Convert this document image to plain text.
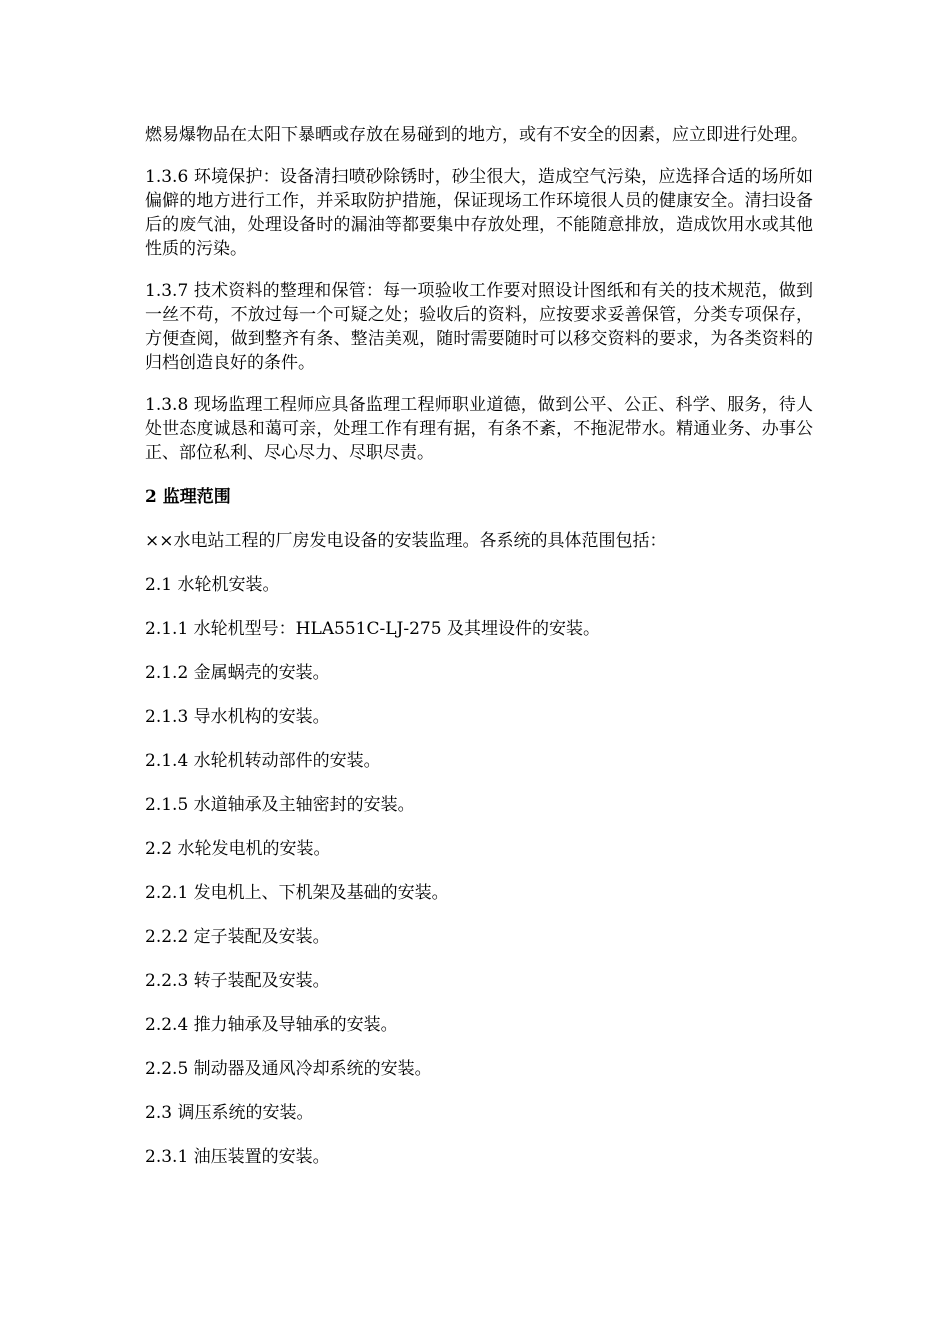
燃易爆物品在太阳下暴晒或存放在易碰到的地方，或有不安全的因素，应立即进行处理。

1.3.6 环境保护：设备清扫喷砂除锈时，砂尘很大，造成空气污染，应选择合适的场所如偏僻的地方进行工作，并采取防护措施，保证现场工作环境很人员的健康安全。清扫设备后的废气油，处理设备时的漏油等都要集中存放处理，不能随意排放，造成饮用水或其他性质的污染。

1.3.7 技术资料的整理和保管：每一项验收工作要对照设计图纸和有关的技术规范，做到一丝不苟，不放过每一个可疑之处；验收后的资料，应按要求妥善保管，分类专项保存，方便查阅，做到整齐有条、整洁美观，随时需要随时可以移交资料的要求，为各类资料的归档创造良好的条件。

1.3.8 现场监理工程师应具备监理工程师职业道德，做到公平、公正、科学、服务，待人处世态度诚恳和蔼可亲，处理工作有理有据，有条不紊，不拖泥带水。精通业务、办事公正、部位私利、尽心尽力、尽职尽责。

2 监理范围

××水电站工程的厂房发电设备的安装监理。各系统的具体范围包括：

2.1 水轮机安装。

2.1.1 水轮机型号：HLA551C-LJ-275 及其埋设件的安装。

2.1.2 金属蜗壳的安装。

2.1.3 导水机构的安装。

2.1.4 水轮机转动部件的安装。

2.1.5 水道轴承及主轴密封的安装。

2.2 水轮发电机的安装。

2.2.1 发电机上、下机架及基础的安装。

2.2.2 定子装配及安装。

2.2.3 转子装配及安装。

2.2.4 推力轴承及导轴承的安装。

2.2.5 制动器及通风冷却系统的安装。

2.3 调压系统的安装。

2.3.1 油压装置的安装。
